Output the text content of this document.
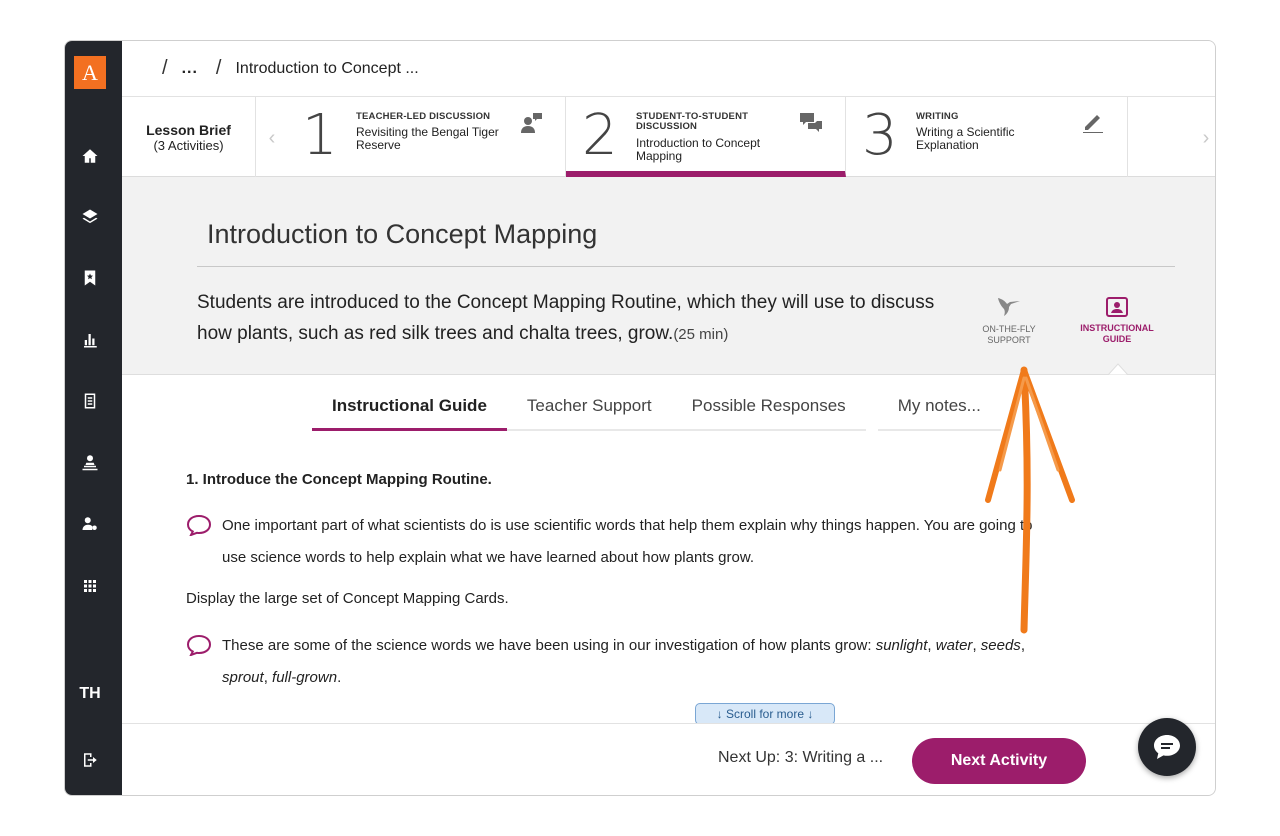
A
TH
/ ... / Introduction to Concept ...
Lesson Brief
(3 Activities)	‹ 1 TEACHER-LED DISCUSSION
Revisiting the Bengal Tiger Reserve	2 STUDENT-TO-STUDENT DISCUSSION
Introduction to Concept Mapping	3 WRITING
Writing a Scientific Explanation	›
Introduction to Concept Mapping
Students are introduced to the Concept Mapping Routine, which they will use to discuss how plants, such as red silk trees and chalta trees, grow.(25 min)	ON-THE-FLY
SUPPORT
INSTRUCTIONAL
GUIDE
Instructional Guide	Teacher Support	Possible Responses	My notes...
1. Introduce the Concept Mapping Routine.
One important part of what scientists do is use scientific words that help them explain why things happen. You are going to use science words to help explain what we have learned about how plants grow.
Display the large set of Concept Mapping Cards.
These are some of the science words we have been using in our investigation of how plants grow: sunlight, water, seeds, sprout, full-grown.
↓ Scroll for more ↓
Next Up: 3: Writing a ...	Next Activity
